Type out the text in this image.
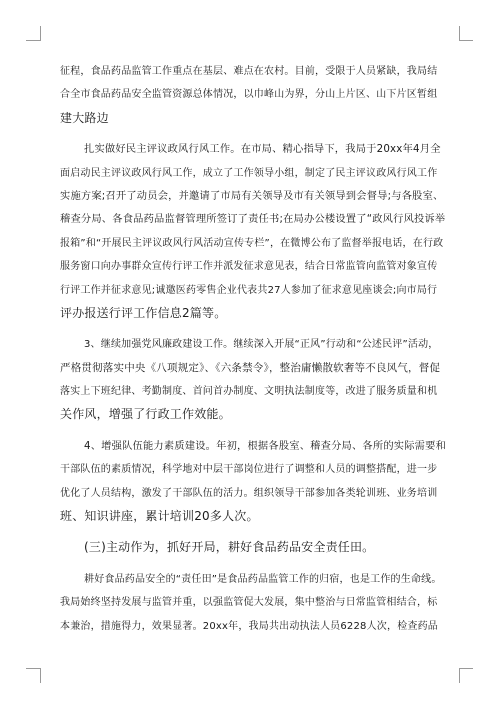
征程，食品药品监管工作重点在基层、难点在农村。目前，受限于人员紧缺，我局结
合全市食品药品安全监管资源总体情况，以巾峰山为界，分山上片区、山下片区暂组
建大路边
扎实做好民主评议政风行风工作。在市局、精心指导下，我局于20xx年4月全
面启动民主评议政风行风工作，成立了工作领导小组，制定了民主评议政风行风工作
实施方案;召开了动员会，并邀请了市局有关领导及市有关领导到会督导;与各股室、
稽查分局、各食品药品监督管理所签订了责任书;在局办公楼设置了“政风行风投诉举
报箱”和“开展民主评议政风行风活动宣传专栏”，在微博公布了监督举报电话，在行政
服务窗口向办事群众宣传行评工作并派发征求意见表，结合日常监管向监管对象宣传
行评工作并征求意见;诚邀医药零售企业代表共27人参加了征求意见座谈会;向市局行
评办报送行评工作信息2篇等。
3、继续加强党风廉政建设工作。继续深入开展“正风”行动和“公述民评”活动，
严格贯彻落实中央《八项规定》、《六条禁令》，整治庸懒散软奢等不良风气，督促
落实上下班纪律、考勤制度、首问首办制度、文明执法制度等，改进了服务质量和机
关作风，增强了行政工作效能。
4、增强队伍能力素质建设。年初，根据各股室、稽查分局、各所的实际需要和
干部队伍的素质情况，科学地对中层干部岗位进行了调整和人员的调整搭配，进一步
优化了人员结构，激发了干部队伍的活力。组织领导干部参加各类轮训班、业务培训
班、知识讲座，累计培训20多人次。
(三)主动作为，抓好开局，耕好食品药品安全责任田。
耕好食品药品安全的“责任田”是食品药品监管工作的归宿，也是工作的生命线。
我局始终坚持发展与监管并重，以强监管促大发展，集中整治与日常监管相结合，标
本兼治，措施得力，效果显著。20xx年，我局共出动执法人员6228人次，检查药品
